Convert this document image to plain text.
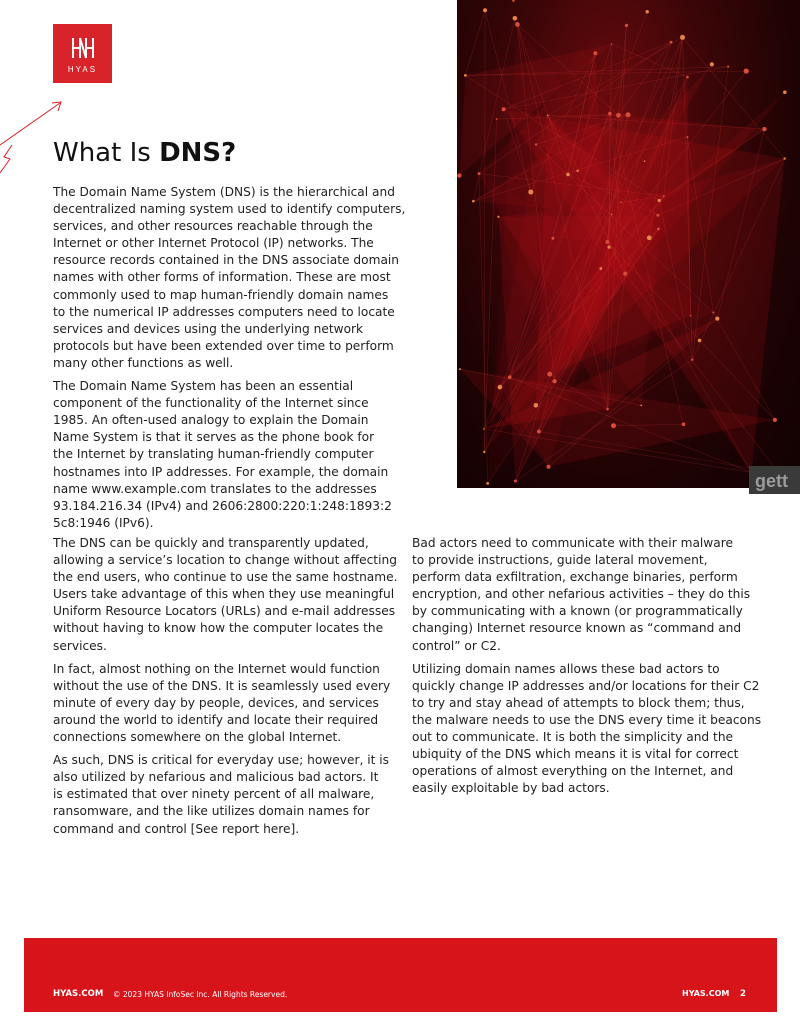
HYAS
gett
What Is DNS?

The Domain Name System (DNS) is the hierarchical and
decentralized naming system used to identify computers,
services, and other resources reachable through the
Internet or other Internet Protocol (IP) networks. The
resource records contained in the DNS associate domain
names with other forms of information. These are most
commonly used to map human-friendly domain names
to the numerical IP addresses computers need to locate
services and devices using the underlying network
protocols but have been extended over time to perform
many other functions as well.

The Domain Name System has been an essential
component of the functionality of the Internet since
1985. An often-used analogy to explain the Domain
Name System is that it serves as the phone book for
the Internet by translating human-friendly computer
hostnames into IP addresses. For example, the domain
name www.example.com translates to the addresses
93.184.216.34 (IPv4) and 2606:2800:220:1:248:1893:2
5c8:1946 (IPv6).

The DNS can be quickly and transparently updated,
allowing a service’s location to change without affecting
the end users, who continue to use the same hostname.
Users take advantage of this when they use meaningful
Uniform Resource Locators (URLs) and e-mail addresses
without having to know how the computer locates the
services.

In fact, almost nothing on the Internet would function
without the use of the DNS. It is seamlessly used every
minute of every day by people, devices, and services
around the world to identify and locate their required
connections somewhere on the global Internet.

As such, DNS is critical for everyday use; however, it is
also utilized by nefarious and malicious bad actors. It
is estimated that over ninety percent of all malware,
ransomware, and the like utilizes domain names for
command and control [See report here].

Bad actors need to communicate with their malware
to provide instructions, guide lateral movement,
perform data exfiltration, exchange binaries, perform
encryption, and other nefarious activities – they do this
by communicating with a known (or programmatically
changing) Internet resource known as “command and
control” or C2.

Utilizing domain names allows these bad actors to
quickly change IP addresses and/or locations for their C2
to try and stay ahead of attempts to block them; thus,
the malware needs to use the DNS every time it beacons
out to communicate. It is both the simplicity and the
ubiquity of the DNS which means it is vital for correct
operations of almost everything on the Internet, and
easily exploitable by bad actors.

HYAS.COM © 2023 HYAS InfoSec Inc. All Rights Reserved.	HYAS.COM 2
